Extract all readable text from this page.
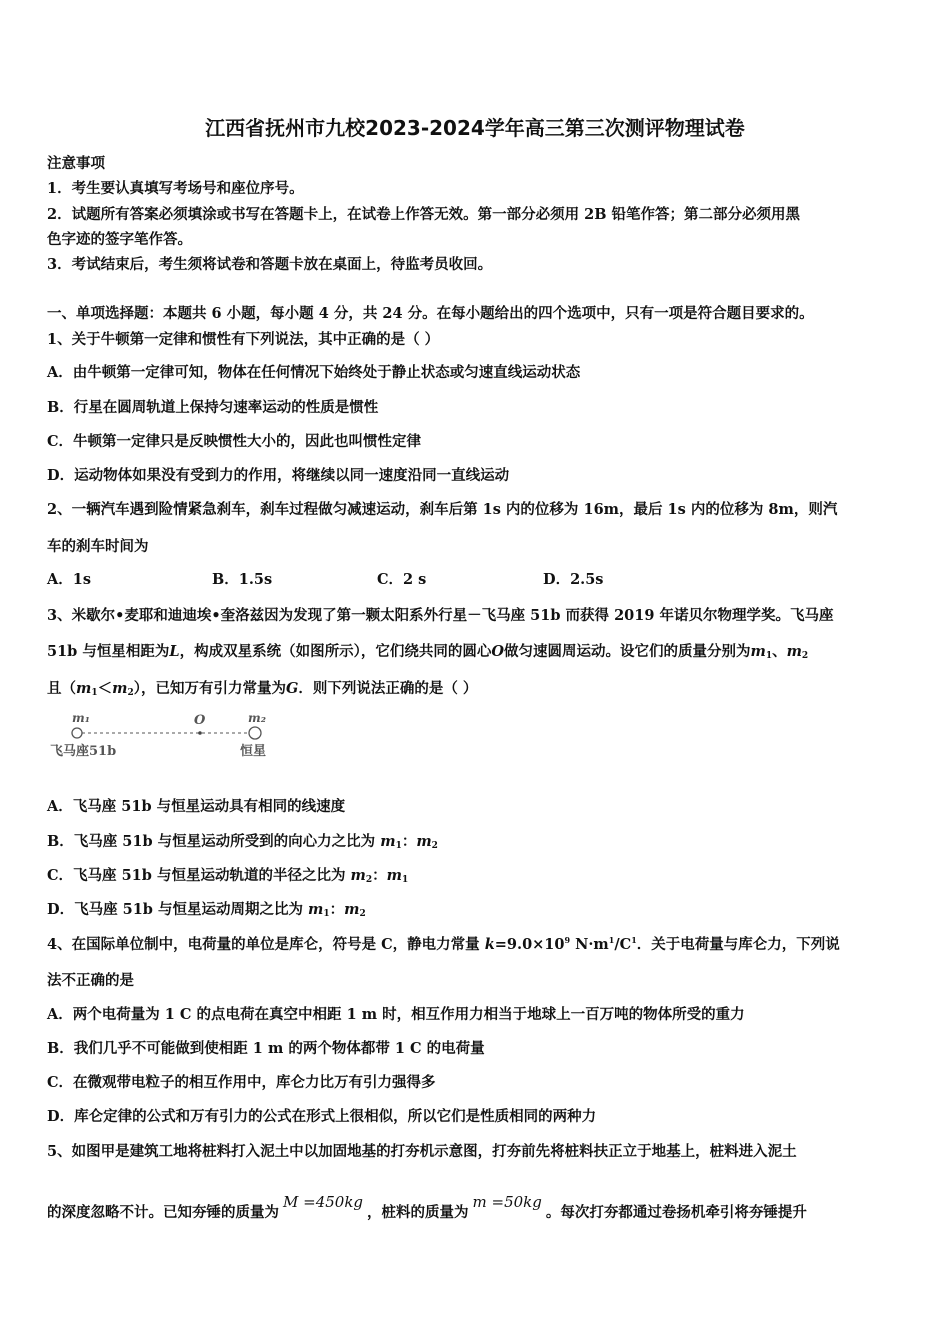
江西省抚州市九校2023-2024学年高三第三次测评物理试卷
注意事项
1．考生要认真填写考场号和座位序号。
2．试题所有答案必须填涂或书写在答题卡上，在试卷上作答无效。第一部分必须用 2B 铅笔作答；第二部分必须用黑
色字迹的签字笔作答。
3．考试结束后，考生须将试卷和答题卡放在桌面上，待监考员收回。
一、单项选择题：本题共 6 小题，每小题 4 分，共 24 分。在每小题给出的四个选项中，只有一项是符合题目要求的。
1、关于牛顿第一定律和惯性有下列说法，其中正确的是（ ）
A．由牛顿第一定律可知，物体在任何情况下始终处于静止状态或匀速直线运动状态
B．行星在圆周轨道上保持匀速率运动的性质是惯性
C．牛顿第一定律只是反映惯性大小的，因此也叫惯性定律
D．运动物体如果没有受到力的作用，将继续以同一速度沿同一直线运动
2、一辆汽车遇到险情紧急刹车，刹车过程做匀减速运动，刹车后第 1s 内的位移为 16m，最后 1s 内的位移为 8m，则汽
车的刹车时间为
A．1s	B．1.5s	C．2 s	D．2.5s
3、米歇尔•麦耶和迪迪埃•奎洛兹因为发现了第一颗太阳系外行星－飞马座 51b 而获得 2019 年诺贝尔物理学奖。飞马座
51b 与恒星相距为L，构成双星系统（如图所示），它们绕共同的圆心O做匀速圆周运动。设它们的质量分别为$m_1$、$m_2$
且$(m_1<m_2)$，已知万有引力常量为G．则下列说法正确的是（ ）
m₁	O	m₂
飞马座51b	恒星
A．飞马座 51b 与恒星运动具有相同的线速度
B．飞马座 51b 与恒星运动所受到的向心力之比为 $m_1$：$m_2$
C．飞马座 51b 与恒星运动轨道的半径之比为 $m_2$：$m_1$
D．飞马座 51b 与恒星运动周期之比为 $m_1$：$m_2$
4、在国际单位制中，电荷量的单位是库仑，符号是 C，静电力常量 $k=9.0\times 10^9$ $N\cdot m^1/C^1$．关于电荷量与库仑力，下列说
法不正确的是
A．两个电荷量为 1 C 的点电荷在真空中相距 1 m 时，相互作用力相当于地球上一百万吨的物体所受的重力
B．我们几乎不可能做到使相距 1 m 的两个物体都带 1 C 的电荷量
C．在微观带电粒子的相互作用中，库仑力比万有引力强得多
D．库仑定律的公式和万有引力的公式在形式上很相似，所以它们是性质相同的两种力
5、如图甲是建筑工地将桩料打入泥土中以加固地基的打夯机示意图，打夯前先将桩料扶正立于地基上，桩料进入泥土
的深度忽略不计。已知夯锤的质量为M =450kg，桩料的质量为m =50kg。每次打夯都通过卷扬机牵引将夯锤提升
